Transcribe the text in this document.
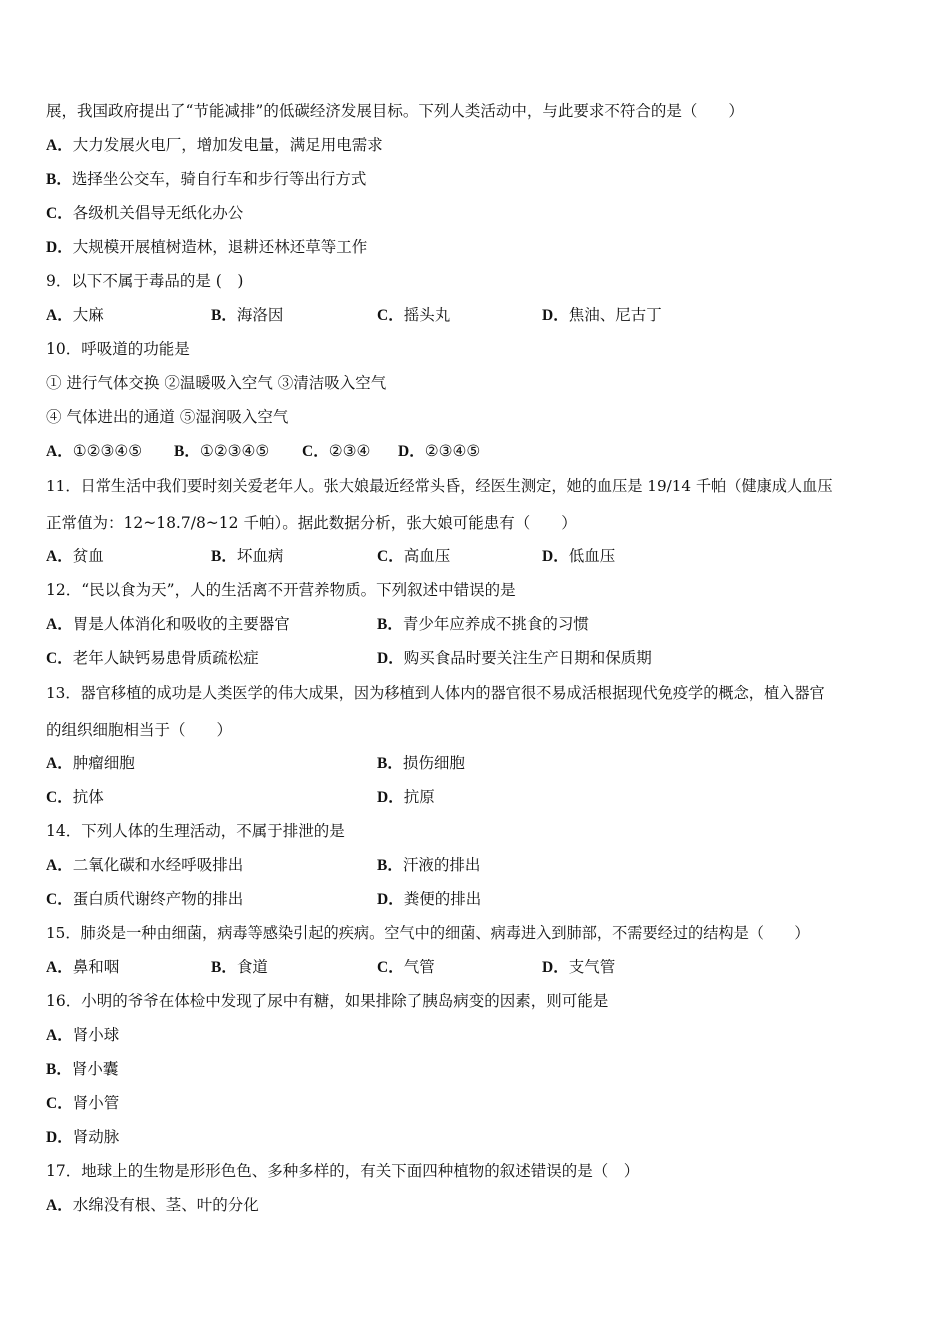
展，我国政府提出了“节能减排”的低碳经济发展目标。下列人类活动中，与此要求不符合的是（　　）
A．大力发展火电厂，增加发电量，满足用电需求
B．选择坐公交车，骑自行车和步行等出行方式
C．各级机关倡导无纸化办公
D．大规模开展植树造林，退耕还林还草等工作
9．以下不属于毒品的是 (　)
A．大麻	B．海洛因	C．摇头丸	D．焦油、尼古丁
10．呼吸道的功能是
① 进行气体交换 ②温暖吸入空气 ③清洁吸入空气
④ 气体进出的通道 ⑤湿润吸入空气
A．①②③④⑤ B．①②③④⑤ C．②③④ D．②③④⑤
11．日常生活中我们要时刻关爱老年人。张大娘最近经常头昏，经医生测定，她的血压是 19/14 千帕（健康成人血压
正常值为：12~18.7/8~12 千帕）。据此数据分析，张大娘可能患有（　　）
A．贫血	B．坏血病	C．高血压	D．低血压
12．“民以食为天”，人的生活离不开营养物质。下列叙述中错误的是
A．胃是人体消化和吸收的主要器官	B．青少年应养成不挑食的习惯
C．老年人缺钙易患骨质疏松症	D．购买食品时要关注生产日期和保质期
13．器官移植的成功是人类医学的伟大成果，因为移植到人体内的器官很不易成活根据现代免疫学的概念，植入器官
的组织细胞相当于（　　）
A．肿瘤细胞	B．损伤细胞
C．抗体	D．抗原
14．下列人体的生理活动，不属于排泄的是
A．二氧化碳和水经呼吸排出	B．汗液的排出
C．蛋白质代谢终产物的排出	D．粪便的排出
15．肺炎是一种由细菌，病毒等感染引起的疾病。空气中的细菌、病毒进入到肺部，不需要经过的结构是（　　）
A．鼻和咽	B．食道	C．气管	D．支气管
16．小明的爷爷在体检中发现了尿中有糖，如果排除了胰岛病变的因素，则可能是
A．肾小球
B．肾小囊
C．肾小管
D．肾动脉
17．地球上的生物是形形色色、多种多样的，有关下面四种植物的叙述错误的是（　）
A．水绵没有根、茎、叶的分化
